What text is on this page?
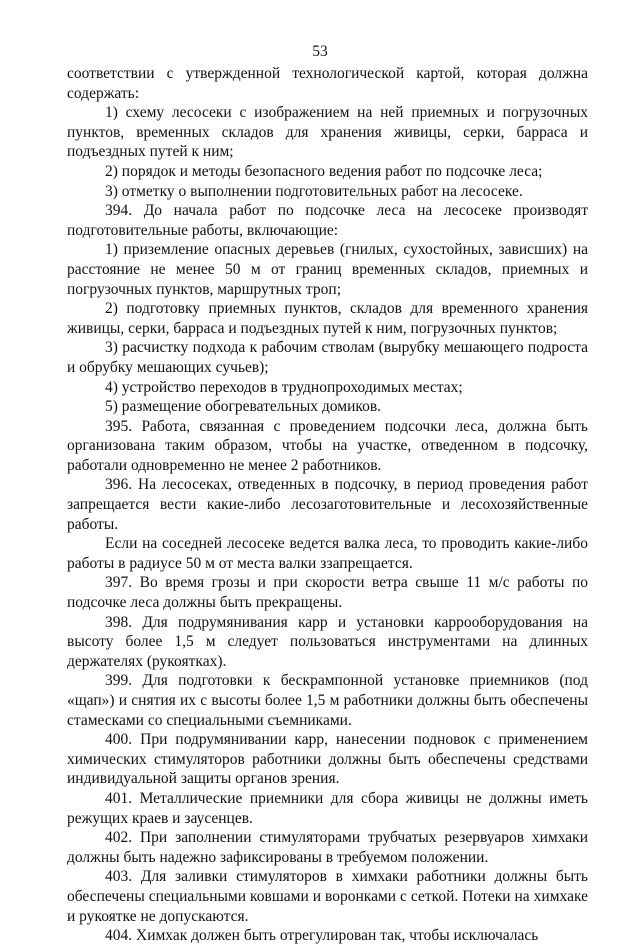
53

соответствии с утвержденной технологической картой, которая должна содержать:

1) схему лесосеки с изображением на ней приемных и погрузочных пунктов, временных складов для хранения живицы, серки, барраса и подъездных путей к ним;

2) порядок и методы безопасного ведения работ по подсочке леса;

3) отметку о выполнении подготовительных работ на лесосеке.

394. До начала работ по подсочке леса на лесосеке производят подготовительные работы, включающие:

1) приземление опасных деревьев (гнилых, сухостойных, зависших) на расстояние не менее 50 м от границ временных складов, приемных и погрузочных пунктов, маршрутных троп;

2) подготовку приемных пунктов, складов для временного хранения живицы, серки, барраса и подъездных путей к ним, погрузочных пунктов;

3) расчистку подхода к рабочим стволам (вырубку мешающего подроста и обрубку мешающих сучьев);

4) устройство переходов в труднопроходимых местах;

5) размещение обогревательных домиков.

395. Работа, связанная с проведением подсочки леса, должна быть организована таким образом, чтобы на участке, отведенном в подсочку, работали одновременно не менее 2 работников.

396. На лесосеках, отведенных в подсочку, в период проведения работ запрещается вести какие-либо лесозаготовительные и лесохозяйственные работы.

Если на соседней лесосеке ведется валка леса, то проводить какие-либо работы в радиусе 50 м от места валки ззапрещается.

397. Во время грозы и при скорости ветра свыше 11 м/с работы по подсочке леса должны быть прекращены.

398. Для подрумянивания карр и установки каррооборудования на высоту более 1,5 м следует пользоваться инструментами на длинных держателях (рукоятках).

399. Для подготовки к бескрампонной установке приемников (под «щап») и снятия их с высоты более 1,5 м работники должны быть обеспечены стамесками со специальными съемниками.

400. При подрумянивании карр, нанесении подновок с применением химических стимуляторов работники должны быть обеспечены средствами индивидуальной защиты органов зрения.

401. Металлические приемники для сбора живицы не должны иметь режущих краев и заусенцев.

402. При заполнении стимуляторами трубчатых резервуаров химхаки должны быть надежно зафиксированы в требуемом положении.

403. Для заливки стимуляторов в химхаки работники должны быть обеспечены специальными ковшами и воронками с сеткой. Потеки на химхаке и рукоятке не допускаются.

404. Химхак должен быть отрегулирован так, чтобы исключалась
